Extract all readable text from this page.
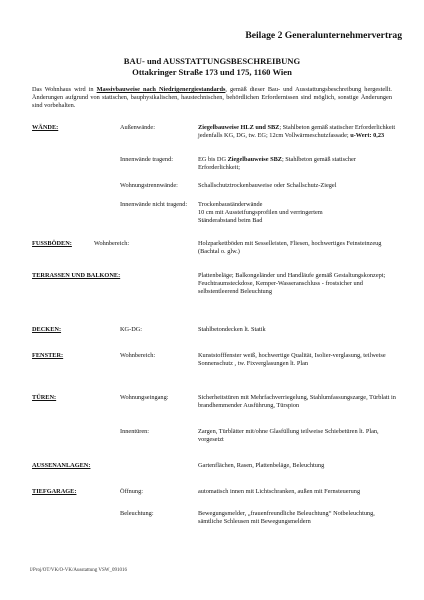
Beilage 2 Generalunternehmervertrag
BAU- und AUSSTATTUNGSBESCHREIBUNG
Ottakringer Straße 173 und 175, 1160 Wien
Das Wohnhaus wird in Massivbauweise nach Niedrigenergiestandards, gemäß dieser Bau- und Ausstattungsbeschreibung hergestellt. Änderungen aufgrund von statischen, bauphysikalischen, haustechnischen, behördlichen Erfordernissen sind möglich, sonstige Änderungen sind vorbehalten.
WÄNDE:	Außenwände:	Ziegelbauweise HLZ und SBZ; Stahlbeton gemäß statischer Erforderlichkeit jedenfalls KG, DG, tw. EG; 12cm Vollwärmeschutzfassade; u-Wert: 0,23
Innenwände tragend:	EG bis DG Ziegelbauweise SBZ; Stahlbeton gemäß statischer Erforderlichkeit;
Wohnungstrennwände:	Schallschutztrockenbauweise oder Schallschutz-Ziegel
Innenwände nicht tragend: Trockenbauständerwände
10 cm mit Aussteifungsprofilen und verringertem
Ständerabstand beim Bad
FUSSBÖDEN:	Wohnbereich:	Holzparkettböden mit Sesselleisten, Fliesen, hochwertiges Feinsteinzeug (Bachtal o. glw.)
TERRASSEN UND BALKONE:	Plattenbeläge; Balkongeländer und Handläufe gemäß Gestaltungskonzept; Feuchtraumsteckdose, Kemper-Wasseranschluss - frostsicher und selbstentleerend Beleuchtung
DECKEN:	KG-DG:	Stahlbetondecken lt. Statik
FENSTER:	Wohnbereich:	Kunststofffenster weiß, hochwertige Qualität, Isolier-verglasung, teilweise Sonnenschutz , tw. Fixverglasungen lt. Plan
TÜREN:	Wohnungseingang:	Sicherheitstüren mit Mehrfachverriegelung, Stahlumfassungszarge, Türblatt in brandhemmender Ausführung, Türspion
Innentüren:	Zargen, Türblätter mit/ohne Glasfüllung teilweise Schiebetüren lt. Plan, vorgesetzt
AUSSENANLAGEN:	Gartenflächen, Rasen, Plattenbeläge, Beleuchtung
TIEFGARAGE:	Öffnung:	automatisch innen mit Lichtschranken, außen mit Fernsteuerung
Beleuchtung:	Bewegungsmelder, „frauenfreundliche Beleuchtung“ Notbeleuchtung, sämtliche Schleusen mit Bewegungsmeldern
I/Proj/OT/VK/O-VK/Ausstattung VSW_091016
